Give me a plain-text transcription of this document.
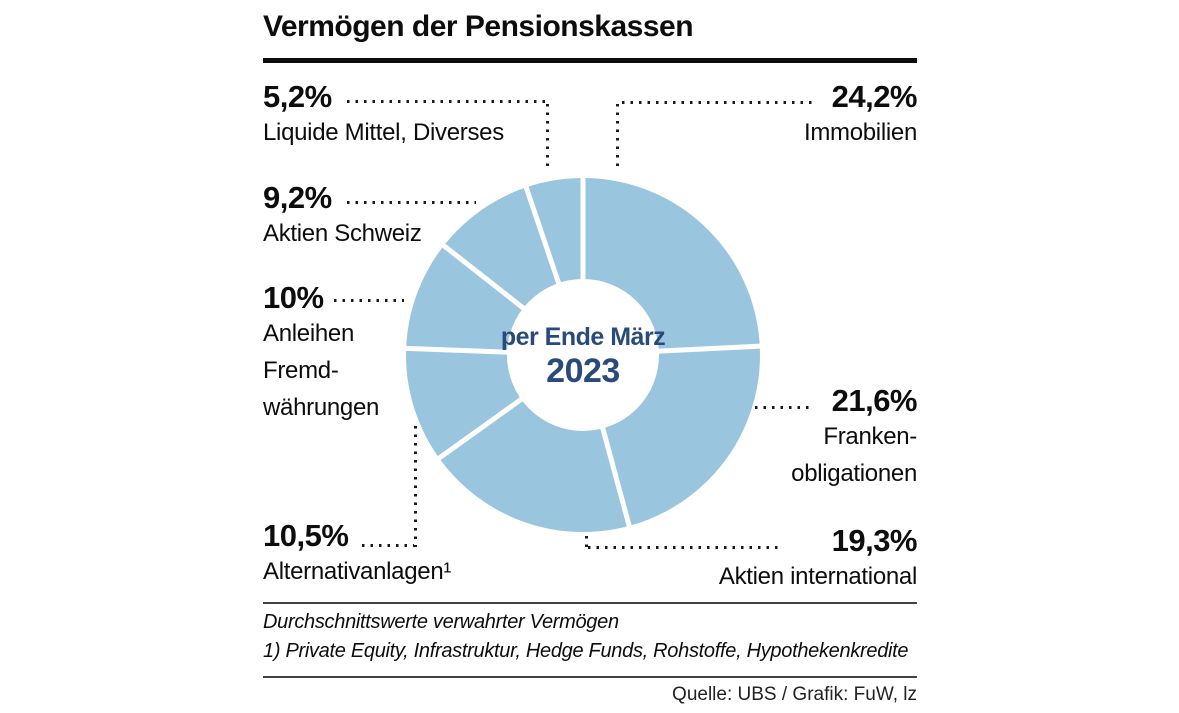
Vermögen der Pensionskassen
per Ende März
2023
5,2%
Liquide Mittel, Diverses
9,2%
Aktien Schweiz
10%
Anleihen
Fremd-
währungen
10,5%
Alternativanlagen¹
24,2%
Immobilien
21,6%
Franken-
obligationen
19,3%
Aktien international
Durchschnittswerte verwahrter Vermögen
1) Private Equity, Infrastruktur, Hedge Funds, Rohstoffe, Hypothekenkredite
Quelle: UBS / Grafik: FuW, lz
